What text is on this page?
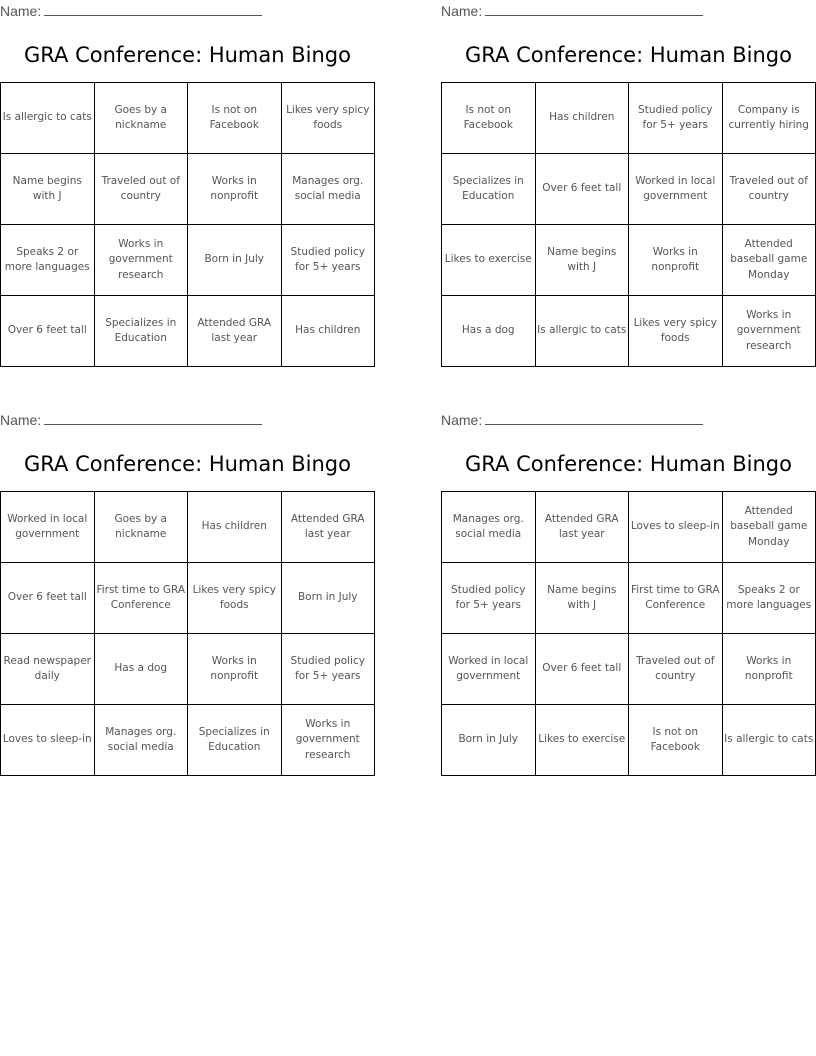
Name:
GRA Conference: Human Bingo
Is allergic to cats	Goes by a nickname	Is not on Facebook	Likes very spicy foods
Name begins with J	Traveled out of country	Works in nonprofit	Manages org. social media
Speaks 2 or more languages	Works in government research	Born in July	Studied policy for 5+ years
Over 6 feet tall	Specializes in Education	Attended GRA last year	Has children
Name:
GRA Conference: Human Bingo
Is not on Facebook	Has children	Studied policy for 5+ years	Company is currently hiring
Specializes in Education	Over 6 feet tall	Worked in local government	Traveled out of country
Likes to exercise	Name begins with J	Works in nonprofit	Attended baseball game Monday
Has a dog	Is allergic to cats	Likes very spicy foods	Works in government research
Name:
GRA Conference: Human Bingo
Worked in local government	Goes by a nickname	Has children	Attended GRA last year
Over 6 feet tall	First time to GRA Conference	Likes very spicy foods	Born in July
Read newspaper daily	Has a dog	Works in nonprofit	Studied policy for 5+ years
Loves to sleep-in	Manages org. social media	Specializes in Education	Works in government research
Name:
GRA Conference: Human Bingo
Manages org. social media	Attended GRA last year	Loves to sleep-in	Attended baseball game Monday
Studied policy for 5+ years	Name begins with J	First time to GRA Conference	Speaks 2 or more languages
Worked in local government	Over 6 feet tall	Traveled out of country	Works in nonprofit
Born in July	Likes to exercise	Is not on Facebook	Is allergic to cats
